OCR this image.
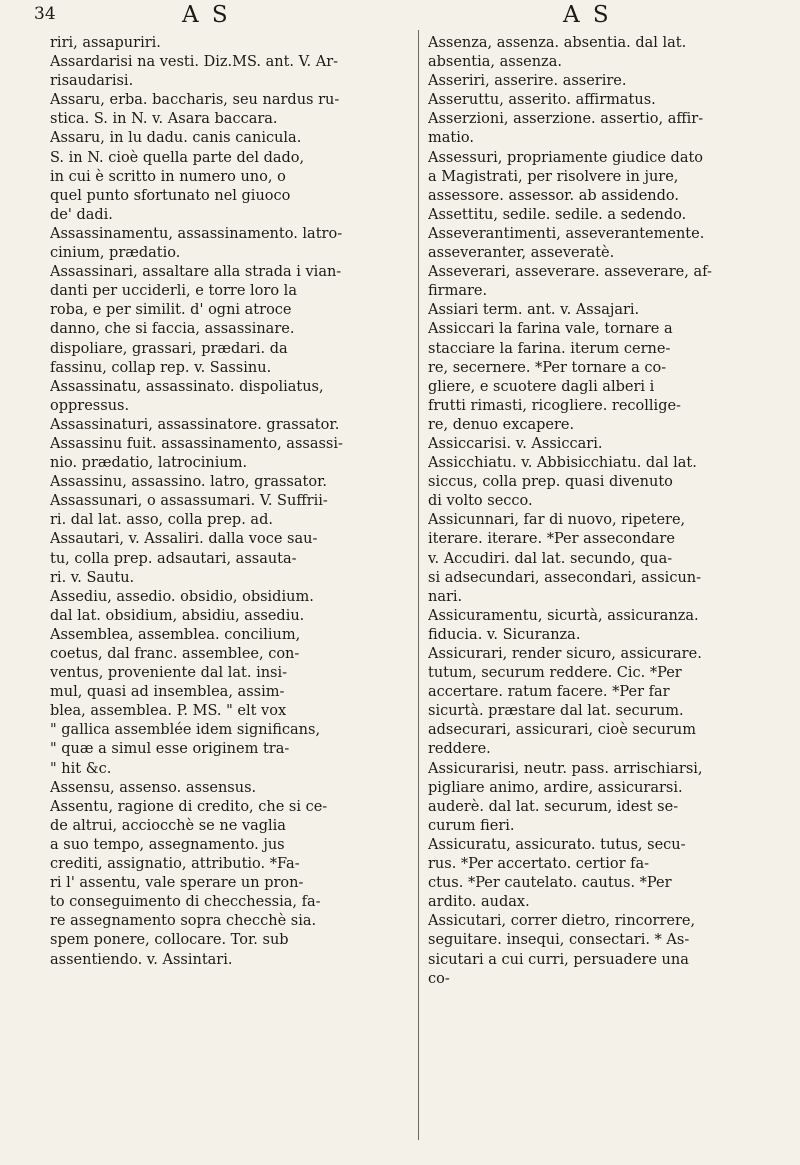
34	A S	A S
riri, assapuriri.
Assardarisi na vesti. Diz.MS. ant. V. Ar-
risaudarisi.
Assaru, erba. baccharis, seu nardus ru-
stica. S. in N. v. Asara baccara.
Assaru, in lu dadu. canis canicula.
S. in N. cioè quella parte del dado,
in cui è scritto in numero uno, o
quel punto sfortunato nel giuoco
de' dadi.
Assassinamentu, assassinamento. latro-
cinium, prædatio.
Assassinari, assaltare alla strada i vian-
danti per ucciderli, e torre loro la
roba, e per similit. d' ogni atroce
danno, che si faccia, assassinare.
dispoliare, grassari, prædari. da
fassinu, collap rep. v. Sassinu.
Assassinatu, assassinato. dispoliatus,
oppressus.
Assassinaturi, assassinatore. grassator.
Assassinu fuit. assassinamento, assassi-
nio. prædatio, latrocinium.
Assassinu, assassino. latro, grassator.
Assassunari, o assassumari. V. Suffrii-
ri. dal lat. asso, colla prep. ad.
Assautari, v. Assaliri. dalla voce sau-
tu, colla prep. adsautari, assauta-
ri. v. Sautu.
Assediu, assedio. obsidio, obsidium.
dal lat. obsidium, absidiu, assediu.
Assemblea, assemblea. concilium,
coetus, dal franc. assemblee, con-
ventus, proveniente dal lat. insi-
mul, quasi ad insemblea, assim-
blea, assemblea. P. MS. " elt vox
" gallica assemblée idem significans,
" quæ a simul esse originem tra-
" hit &c.
Assensu, assenso. assensus.
Assentu, ragione di credito, che si ce-
de altrui, acciocchè se ne vaglia
a suo tempo, assegnamento. jus
crediti, assignatio, attributio. *Fa-
ri l' assentu, vale sperare un pron-
to conseguimento di checchessia, fa-
re assegnamento sopra checchè sia.
spem ponere, collocare. Tor. sub
assentiendo. v. Assintari.
Assenza, assenza. absentia. dal lat.
absentia, assenza.
Asseriri, asserire. asserire.
Asseruttu, asserito. affirmatus.
Asserzioni, asserzione. assertio, affir-
matio.
Assessuri, propriamente giudice dato
a Magistrati, per risolvere in jure,
assessore. assessor. ab assidendo.
Assettitu, sedile. sedile. a sedendo.
Asseverantimenti, asseverantemente.
asseveranter, asseveratè.
Asseverari, asseverare. asseverare, af-
firmare.
Assiari term. ant. v. Assajari.
Assiccari la farina vale, tornare a
stacciare la farina. iterum cerne-
re, secernere. *Per tornare a co-
gliere, e scuotere dagli alberi i
frutti rimasti, ricogliere. recollige-
re, denuo excapere.
Assiccarisi. v. Assiccari.
Assicchiatu. v. Abbisicchiatu. dal lat.
siccus, colla prep. quasi divenuto
di volto secco.
Assicunnari, far di nuovo, ripetere,
iterare. iterare. *Per assecondare
v. Accudiri. dal lat. secundo, qua-
si adsecundari, assecondari, assicun-
nari.
Assicuramentu, sicurtà, assicuranza.
fiducia. v. Sicuranza.
Assicurari, render sicuro, assicurare.
tutum, securum reddere. Cic. *Per
accertare. ratum facere. *Per far
sicurtà. præstare dal lat. securum.
adsecurari, assicurari, cioè securum
reddere.
Assicurarisi, neutr. pass. arrischiarsi,
pigliare animo, ardire, assicurarsi.
auderè. dal lat. securum, idest se-
curum fieri.
Assicuratu, assicurato. tutus, secu-
rus. *Per accertato. certior fa-
ctus. *Per cautelato. cautus. *Per
ardito. audax.
Assicutari, correr dietro, rincorrere,
seguitare. insequi, consectari. * As-
sicutari a cui curri, persuadere una
co-
